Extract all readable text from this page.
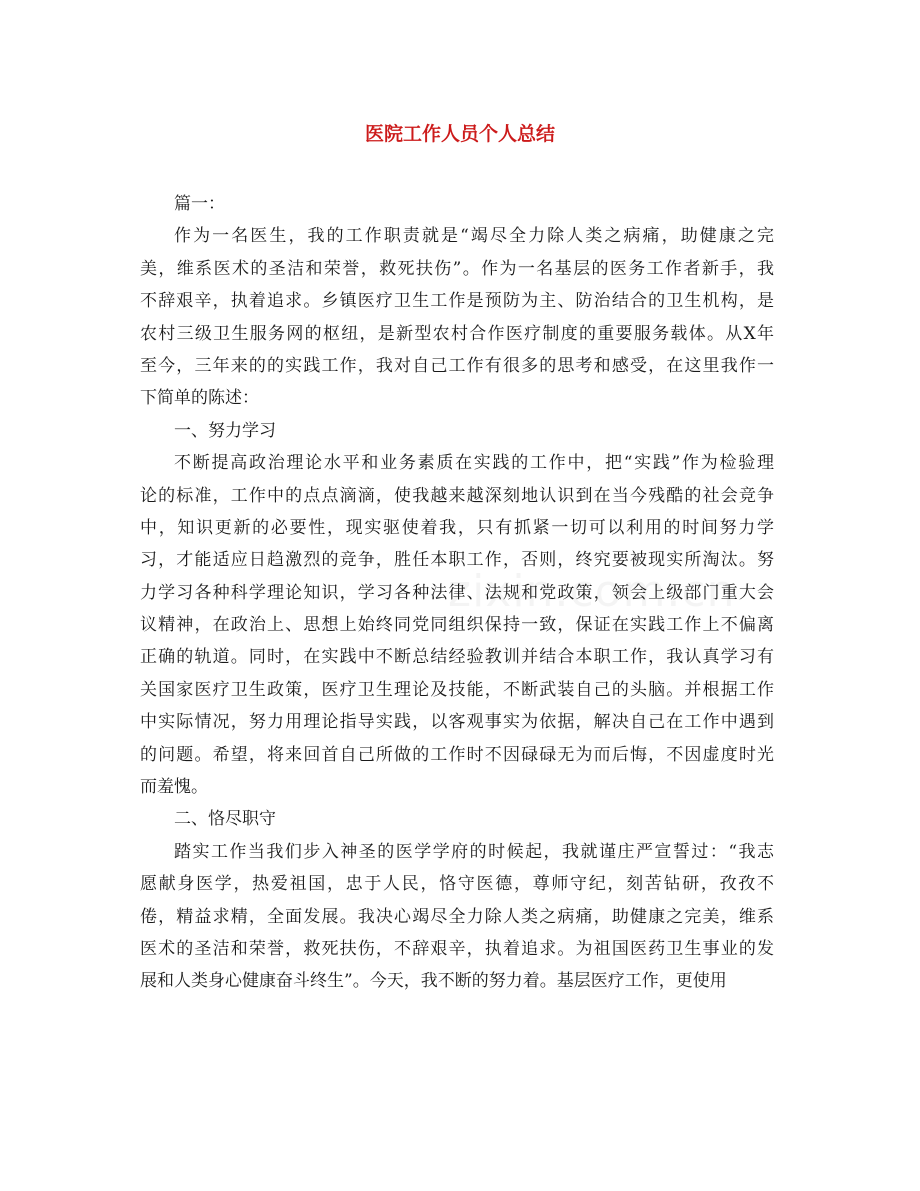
医院工作人员个人总结
篇一：
作为一名医生，我的工作职责就是“竭尽全力除人类之病痛，助健康之完
美，维系医术的圣洁和荣誉，救死扶伤”。作为一名基层的医务工作者新手，我
不辞艰辛，执着追求。乡镇医疗卫生工作是预防为主、防治结合的卫生机构，是
农村三级卫生服务网的枢纽，是新型农村合作医疗制度的重要服务载体。从X年
至今，三年来的的实践工作，我对自己工作有很多的思考和感受，在这里我作一
下简单的陈述：
一、努力学习
不断提高政治理论水平和业务素质在实践的工作中，把“实践”作为检验理
论的标准，工作中的点点滴滴，使我越来越深刻地认识到在当今残酷的社会竞争
中，知识更新的必要性，现实驱使着我，只有抓紧一切可以利用的时间努力学
习，才能适应日趋激烈的竞争，胜任本职工作，否则，终究要被现实所淘汰。努
力学习各种科学理论知识，学习各种法律、法规和党政策，领会上级部门重大会
议精神，在政治上、思想上始终同党同组织保持一致，保证在实践工作上不偏离
正确的轨道。同时，在实践中不断总结经验教训并结合本职工作，我认真学习有
关国家医疗卫生政策，医疗卫生理论及技能，不断武装自己的头脑。并根据工作
中实际情况，努力用理论指导实践，以客观事实为依据，解决自己在工作中遇到
的问题。希望，将来回首自己所做的工作时不因碌碌无为而后悔，不因虚度时光
而羞愧。
二、恪尽职守
踏实工作当我们步入神圣的医学学府的时候起，我就谨庄严宣誓过：“我志
愿献身医学，热爱祖国，忠于人民，恪守医德，尊师守纪，刻苦钻研，孜孜不
倦，精益求精，全面发展。我决心竭尽全力除人类之病痛，助健康之完美，维系
医术的圣洁和荣誉，救死扶伤，不辞艰辛，执着追求。为祖国医药卫生事业的发
展和人类身心健康奋斗终生”。今天，我不断的努力着。基层医疗工作，更使用
